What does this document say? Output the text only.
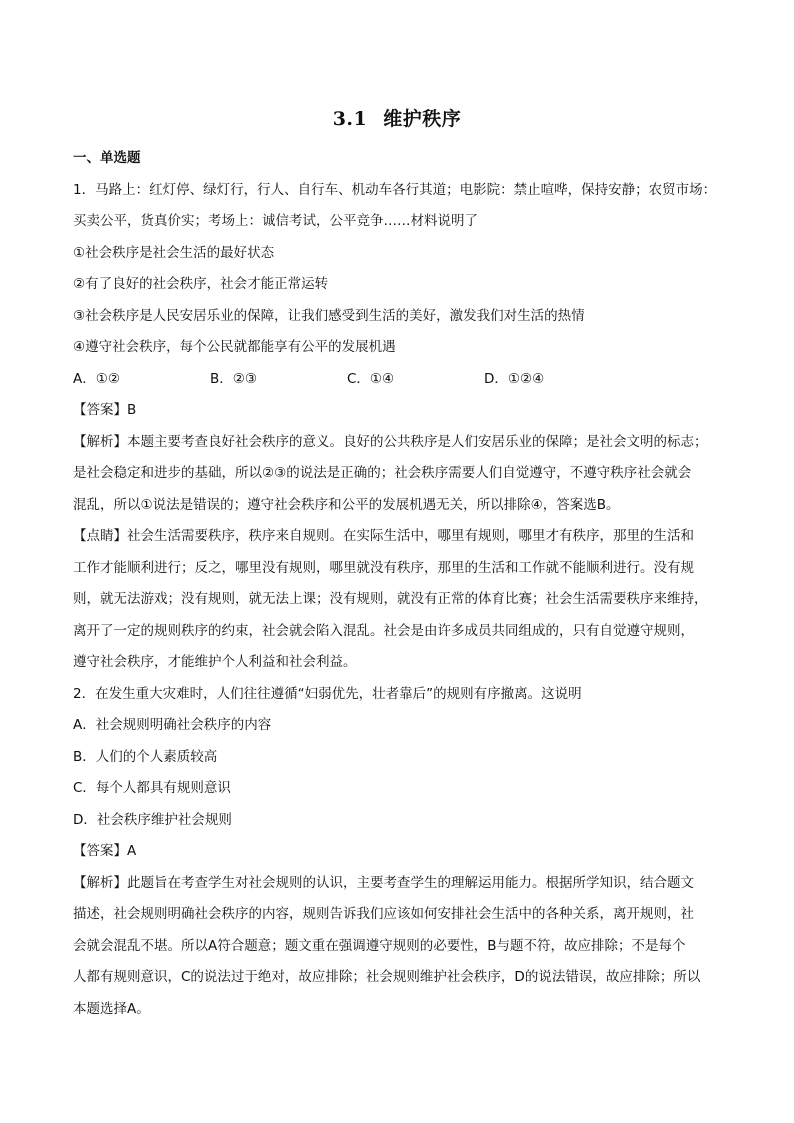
3.1 维护秩序

一、单选题

1．马路上：红灯停、绿灯行，行人、自行车、机动车各行其道；电影院：禁止喧哗，保持安静；农贸市场：

买卖公平，货真价实；考场上：诚信考试，公平竞争……材料说明了

①社会秩序是社会生活的最好状态

②有了良好的社会秩序，社会才能正常运转

③社会秩序是人民安居乐业的保障，让我们感受到生活的美好，激发我们对生活的热情

④遵守社会秩序，每个公民就都能享有公平的发展机遇

A．①②	B．②③	C．①④	D．①②④

【答案】B

【解析】本题主要考查良好社会秩序的意义。良好的公共秩序是人们安居乐业的保障；是社会文明的标志；

是社会稳定和进步的基础，所以②③的说法是正确的；社会秩序需要人们自觉遵守，不遵守秩序社会就会

混乱，所以①说法是错误的；遵守社会秩序和公平的发展机遇无关，所以排除④，答案选B。

【点睛】社会生活需要秩序，秩序来自规则。在实际生活中，哪里有规则，哪里才有秩序，那里的生活和

工作才能顺利进行；反之，哪里没有规则，哪里就没有秩序，那里的生活和工作就不能顺利进行。没有规

则，就无法游戏；没有规则，就无法上课；没有规则，就没有正常的体育比赛；社会生活需要秩序来维持，

离开了一定的规则秩序的约束，社会就会陷入混乱。社会是由许多成员共同组成的，只有自觉遵守规则，

遵守社会秩序，才能维护个人利益和社会利益。

2．在发生重大灾难时，人们往往遵循“妇弱优先，壮者靠后”的规则有序撤离。这说明

A．社会规则明确社会秩序的内容

B．人们的个人素质较高

C．每个人都具有规则意识

D．社会秩序维护社会规则

【答案】A

【解析】此题旨在考查学生对社会规则的认识，主要考查学生的理解运用能力。根据所学知识，结合题文

描述，社会规则明确社会秩序的内容，规则告诉我们应该如何安排社会生活中的各种关系，离开规则，社

会就会混乱不堪。所以A符合题意；题文重在强调遵守规则的必要性，B与题不符，故应排除；不是每个

人都有规则意识，C的说法过于绝对，故应排除；社会规则维护社会秩序，D的说法错误，故应排除；所以

本题选择A。
